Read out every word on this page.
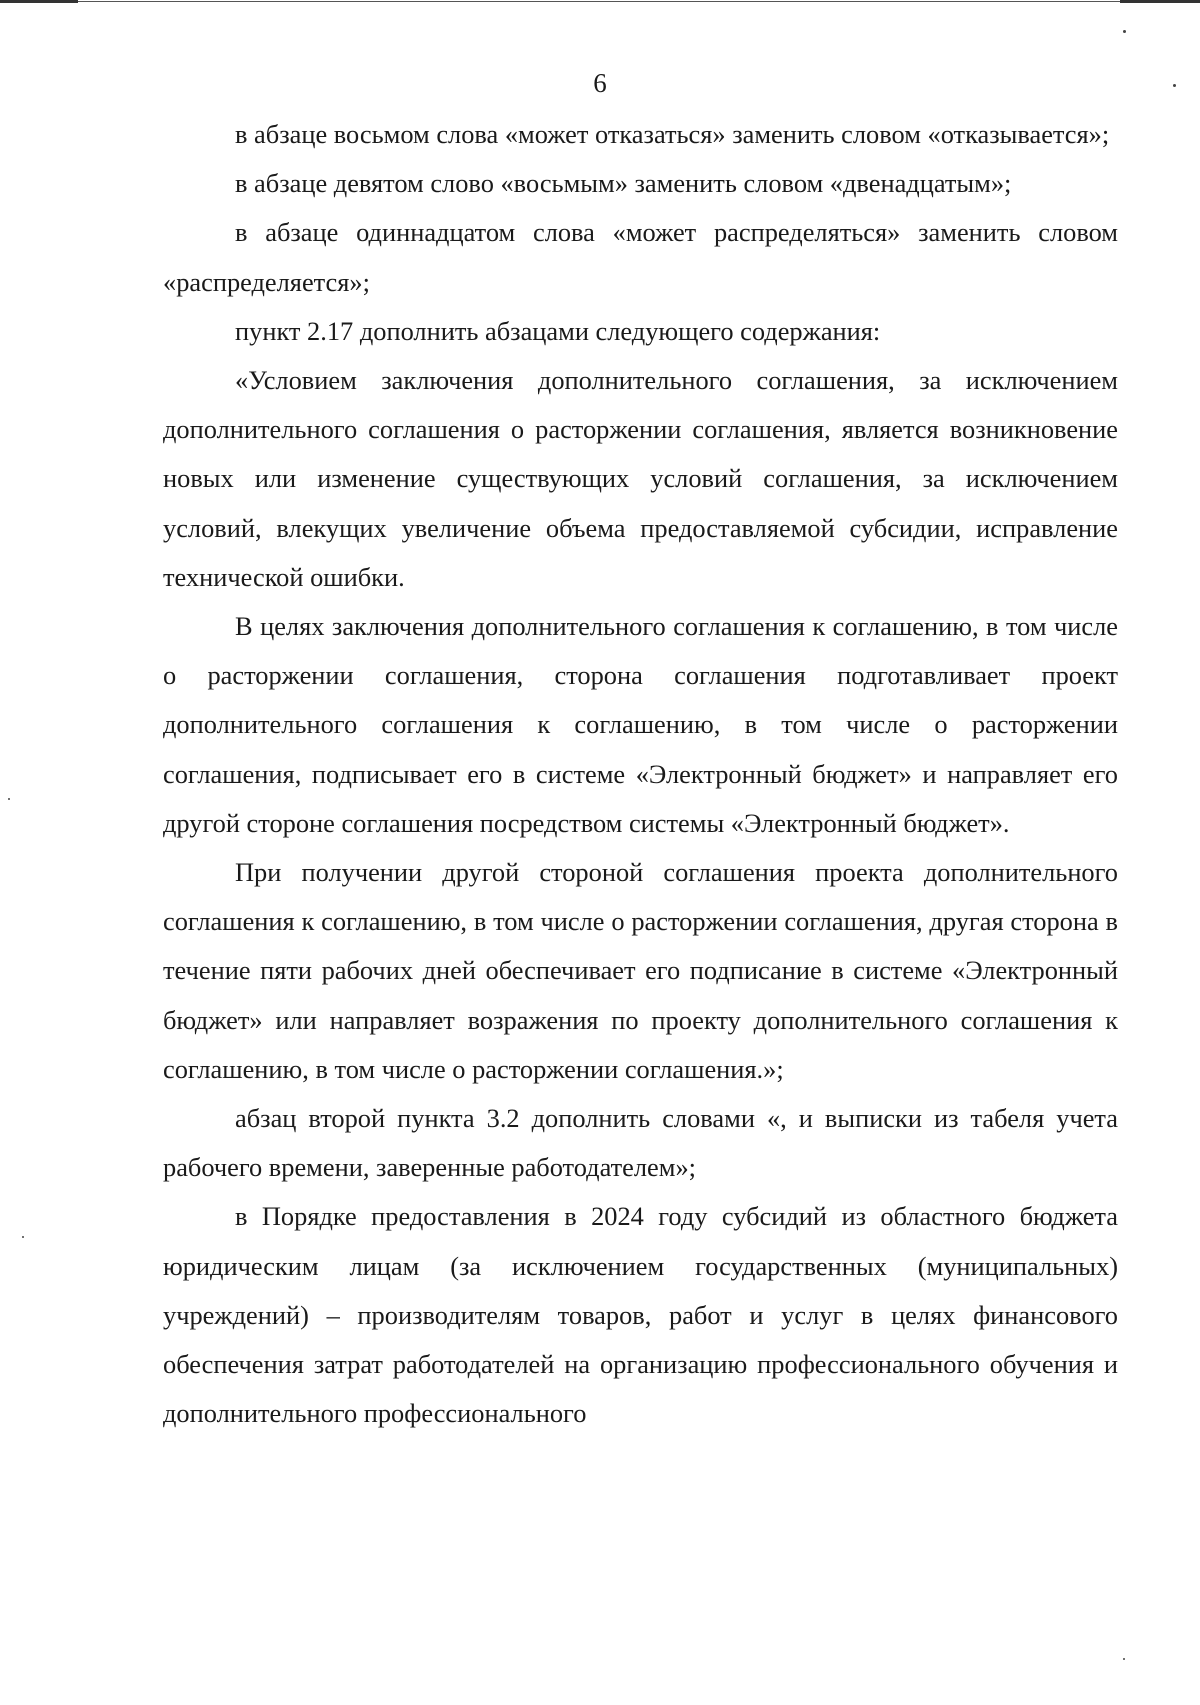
6

в абзаце восьмом слова «может отказаться» заменить словом «отказывается»;

в абзаце девятом слово «восьмым» заменить словом «двенадцатым»;

в абзаце одиннадцатом слова «может распределяться» заменить словом «распределяется»;

пункт 2.17 дополнить абзацами следующего содержания:

«Условием заключения дополнительного соглашения, за исключением дополнительного соглашения о расторжении соглашения, является возникновение новых или изменение существующих условий соглашения, за исключением условий, влекущих увеличение объема предоставляемой субсидии, исправление технической ошибки.

В целях заключения дополнительного соглашения к соглашению, в том числе о расторжении соглашения, сторона соглашения подготавливает проект дополнительного соглашения к соглашению, в том числе о расторжении соглашения, подписывает его в системе «Электронный бюджет» и направляет его другой стороне соглашения посредством системы «Электронный бюджет».

При получении другой стороной соглашения проекта дополнительного соглашения к соглашению, в том числе о расторжении соглашения, другая сторона в течение пяти рабочих дней обеспечивает его подписание в системе «Электронный бюджет» или направляет возражения по проекту дополнительного соглашения к соглашению, в том числе о расторжении соглашения.»;

абзац второй пункта 3.2 дополнить словами «, и выписки из табеля учета рабочего времени, заверенные работодателем»;

в Порядке предоставления в 2024 году субсидий из областного бюджета юридическим лицам (за исключением государственных (муниципальных) учреждений) – производителям товаров, работ и услуг в целях финансового обеспечения затрат работодателей на организацию профессионального обучения и дополнительного профессионального
